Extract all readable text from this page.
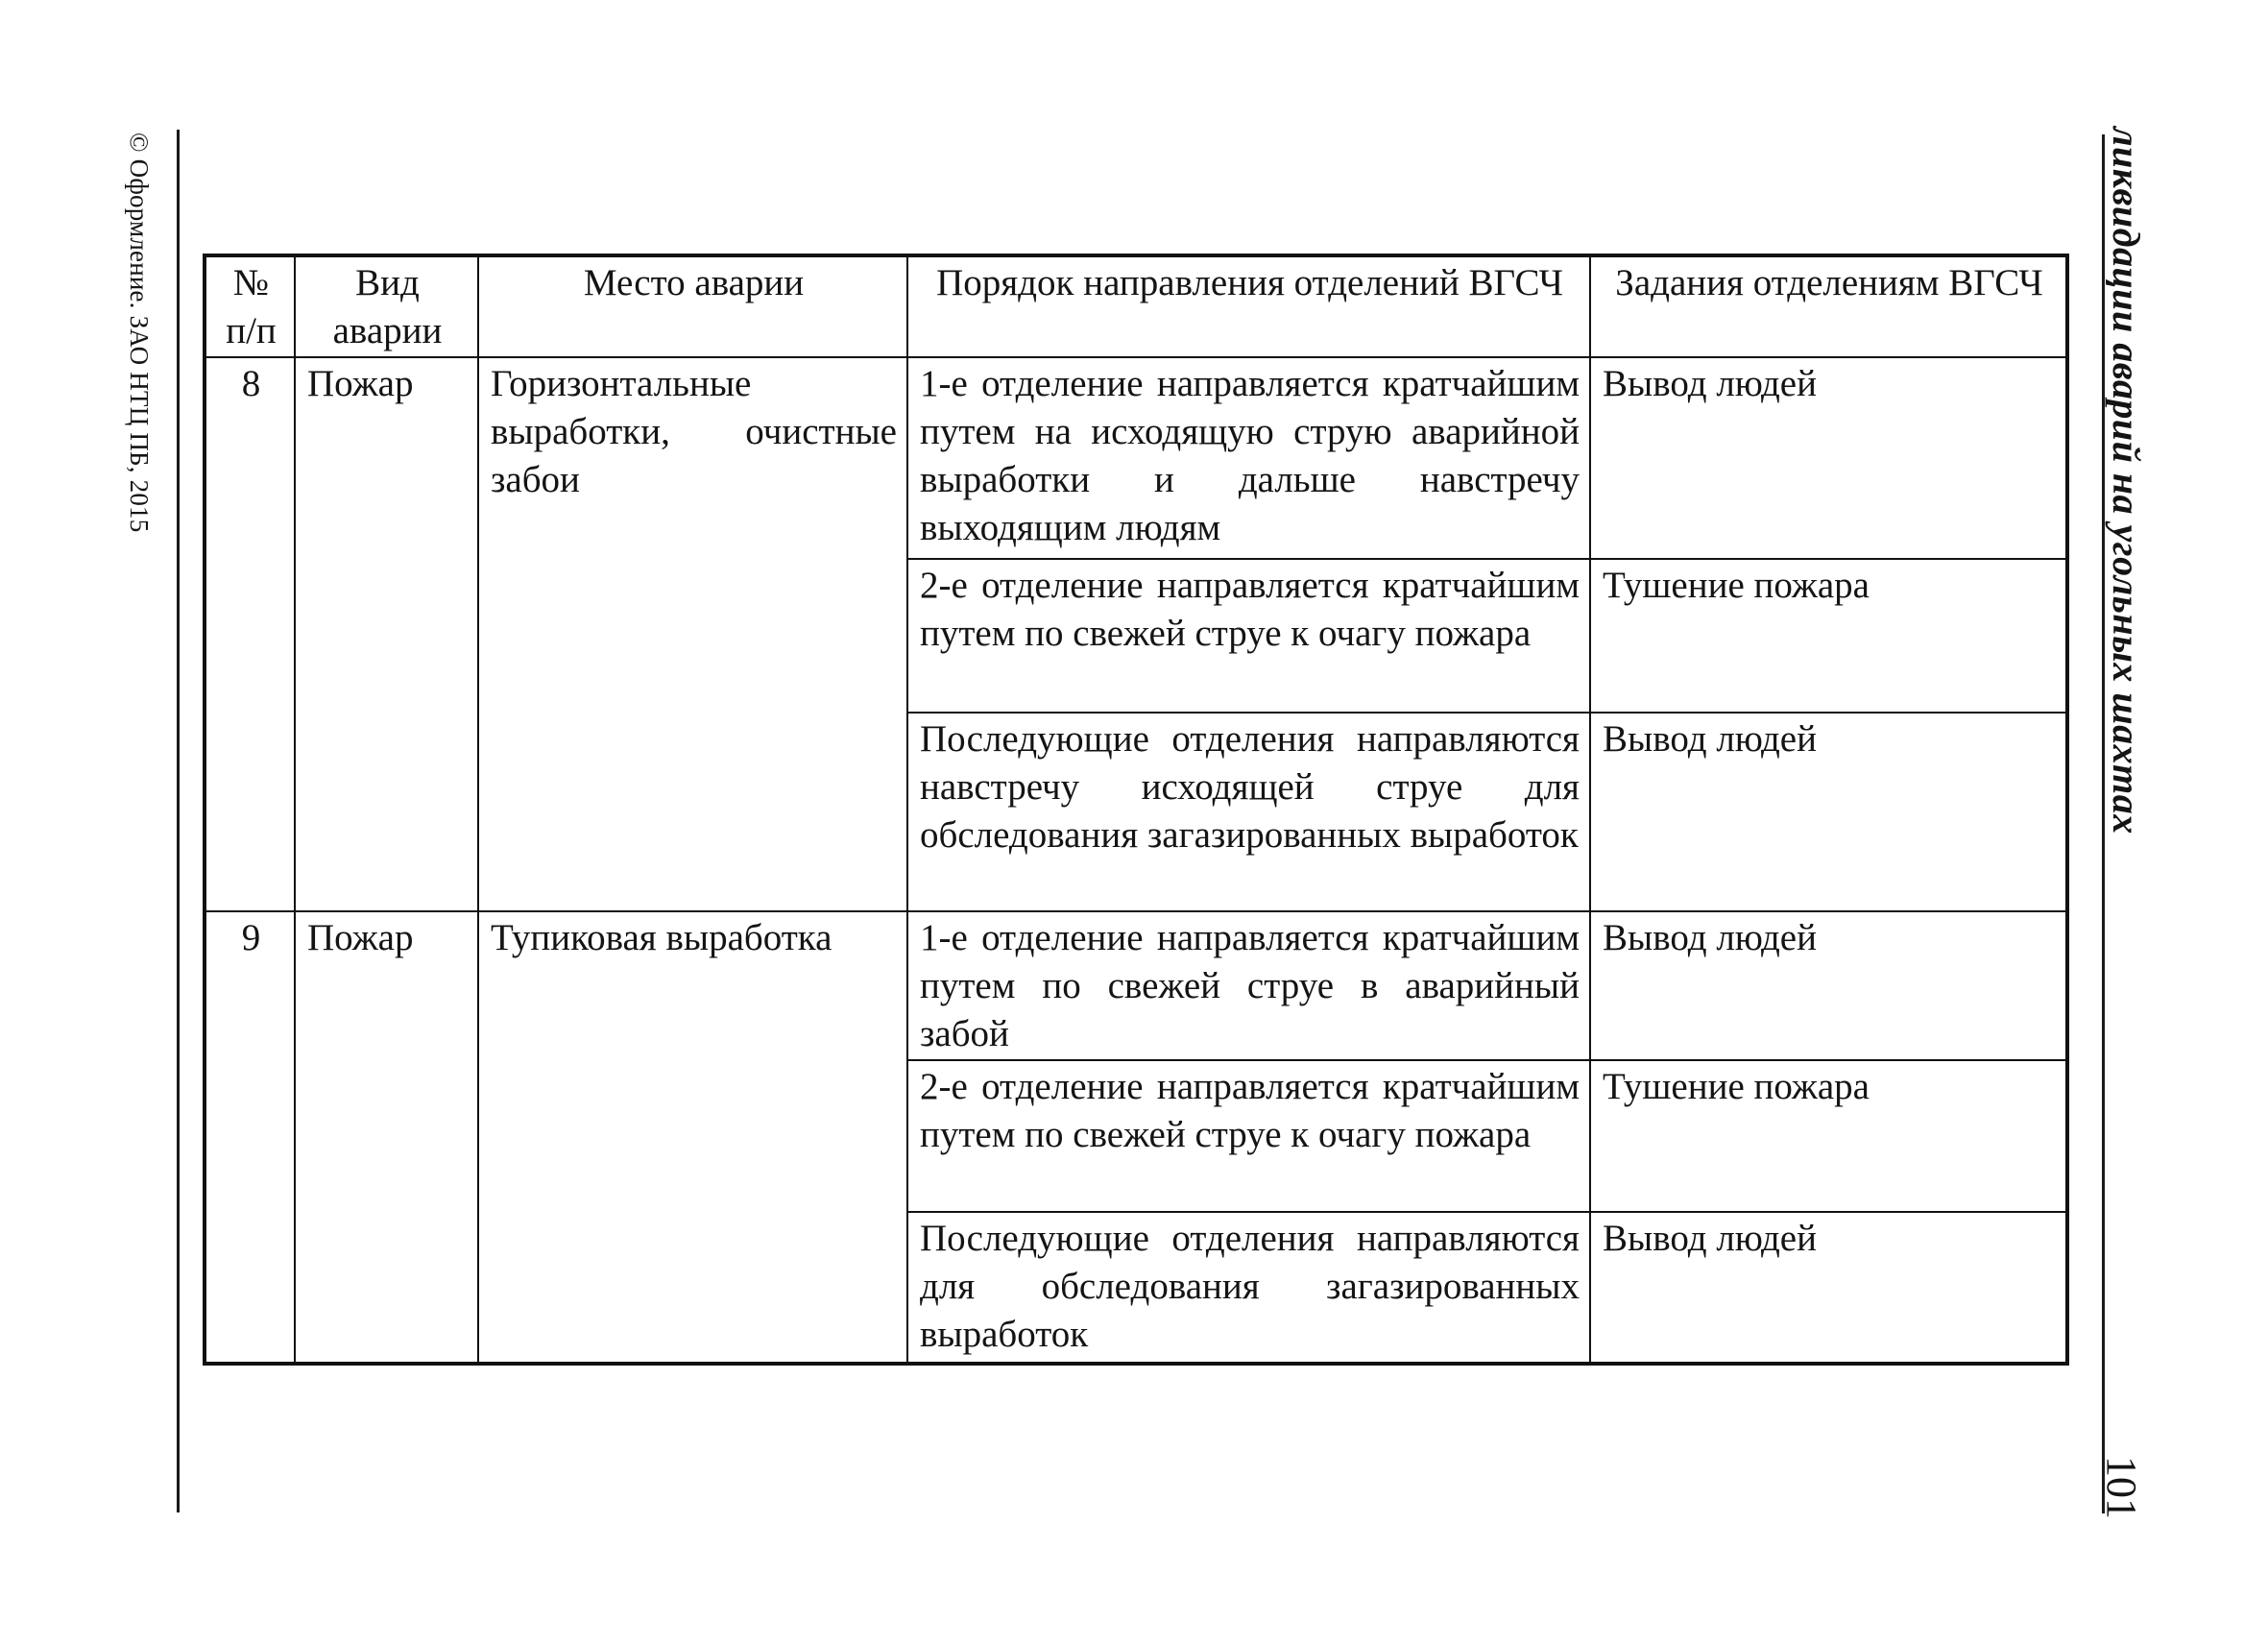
© Оформление. ЗАО НТЦ ПБ, 2015	ликвидации аварий на угольных шахтах
101
№ п/п	Вид аварии	Место аварии	Порядок направления отделений ВГСЧ	Задания отделениям ВГСЧ
8	Пожар	Горизонтальные выработки, очистные забои	1-е отделение направляется кратчайшим путем на исходящую струю аварийной выработки и дальше навстречу выходящим людям	Вывод людей
			2-е отделение направляется кратчайшим путем по свежей струе к очагу пожара	Тушение пожара
			Последующие отделения направляются навстречу исходящей струе для обследования загазированных выработок	Вывод людей
9	Пожар	Тупиковая выработка	1-е отделение направляется кратчайшим путем по свежей струе в аварийный забой	Вывод людей
			2-е отделение направляется кратчайшим путем по свежей струе к очагу пожара	Тушение пожара
			Последующие отделения направляются для обследования загазированных выработок	Вывод людей
